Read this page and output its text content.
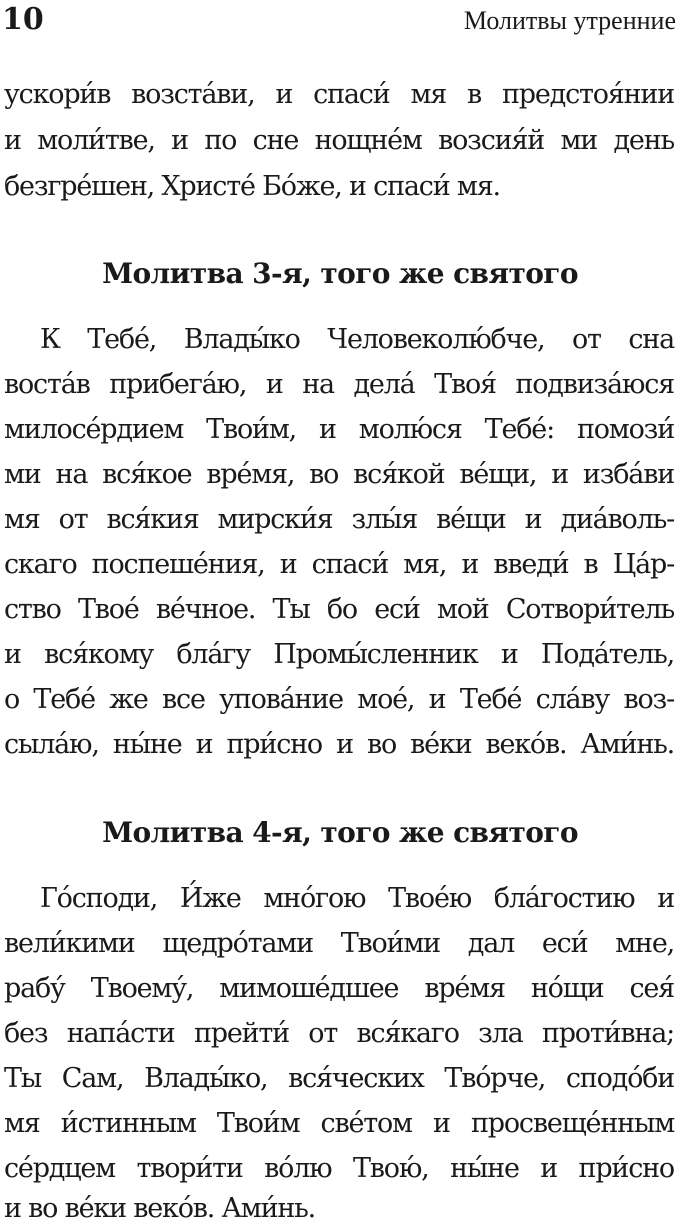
10	Молитвы утренние
ускори́в возста́ви, и спаси́ мя в предстоя́нии
и моли́тве, и по сне нощне́м возсия́й ми день
безгре́шен, Христе́ Бо́же, и спаси́ мя.
Молитва 3-я, того же святого
К Тебе́, Влады́ко Человеколю́бче, от сна
воста́в прибега́ю, и на дела́ Твоя́ подвиза́юся
милосе́рдием Твои́м, и молю́ся Тебе́: помози́
ми на вся́кое вре́мя, во вся́кой ве́щи, и изба́ви
мя от вся́кия мирски́я злы́я ве́щи и диа́воль-
скаго поспеше́ния, и спаси́ мя, и введи́ в Ца́р-
ство Твое́ ве́чное. Ты бо еси́ мой Сотвори́тель
и вся́кому бла́гу Промы́сленник и Пода́тель,
о Тебе́ же все упова́ние мое́, и Тебе́ сла́ву воз-
сыла́ю, ны́не и при́сно и во ве́ки веко́в. Ами́нь.
Молитва 4-я, того же святого
Го́споди, И́же мно́гою Твое́ю бла́гостию и
вели́кими щедро́тами Твои́ми дал еси́ мне,
рабу́ Твоему́, мимоше́дшее вре́мя но́щи сея́
без напа́сти прейти́ от вся́каго зла проти́вна;
Ты Сам, Влады́ко, вся́ческих Тво́рче, сподо́би
мя и́стинным Твои́м све́том и просвеще́нным
се́рдцем твори́ти во́лю Твою́, ны́не и при́сно
и во ве́ки веко́в. Ами́нь.
